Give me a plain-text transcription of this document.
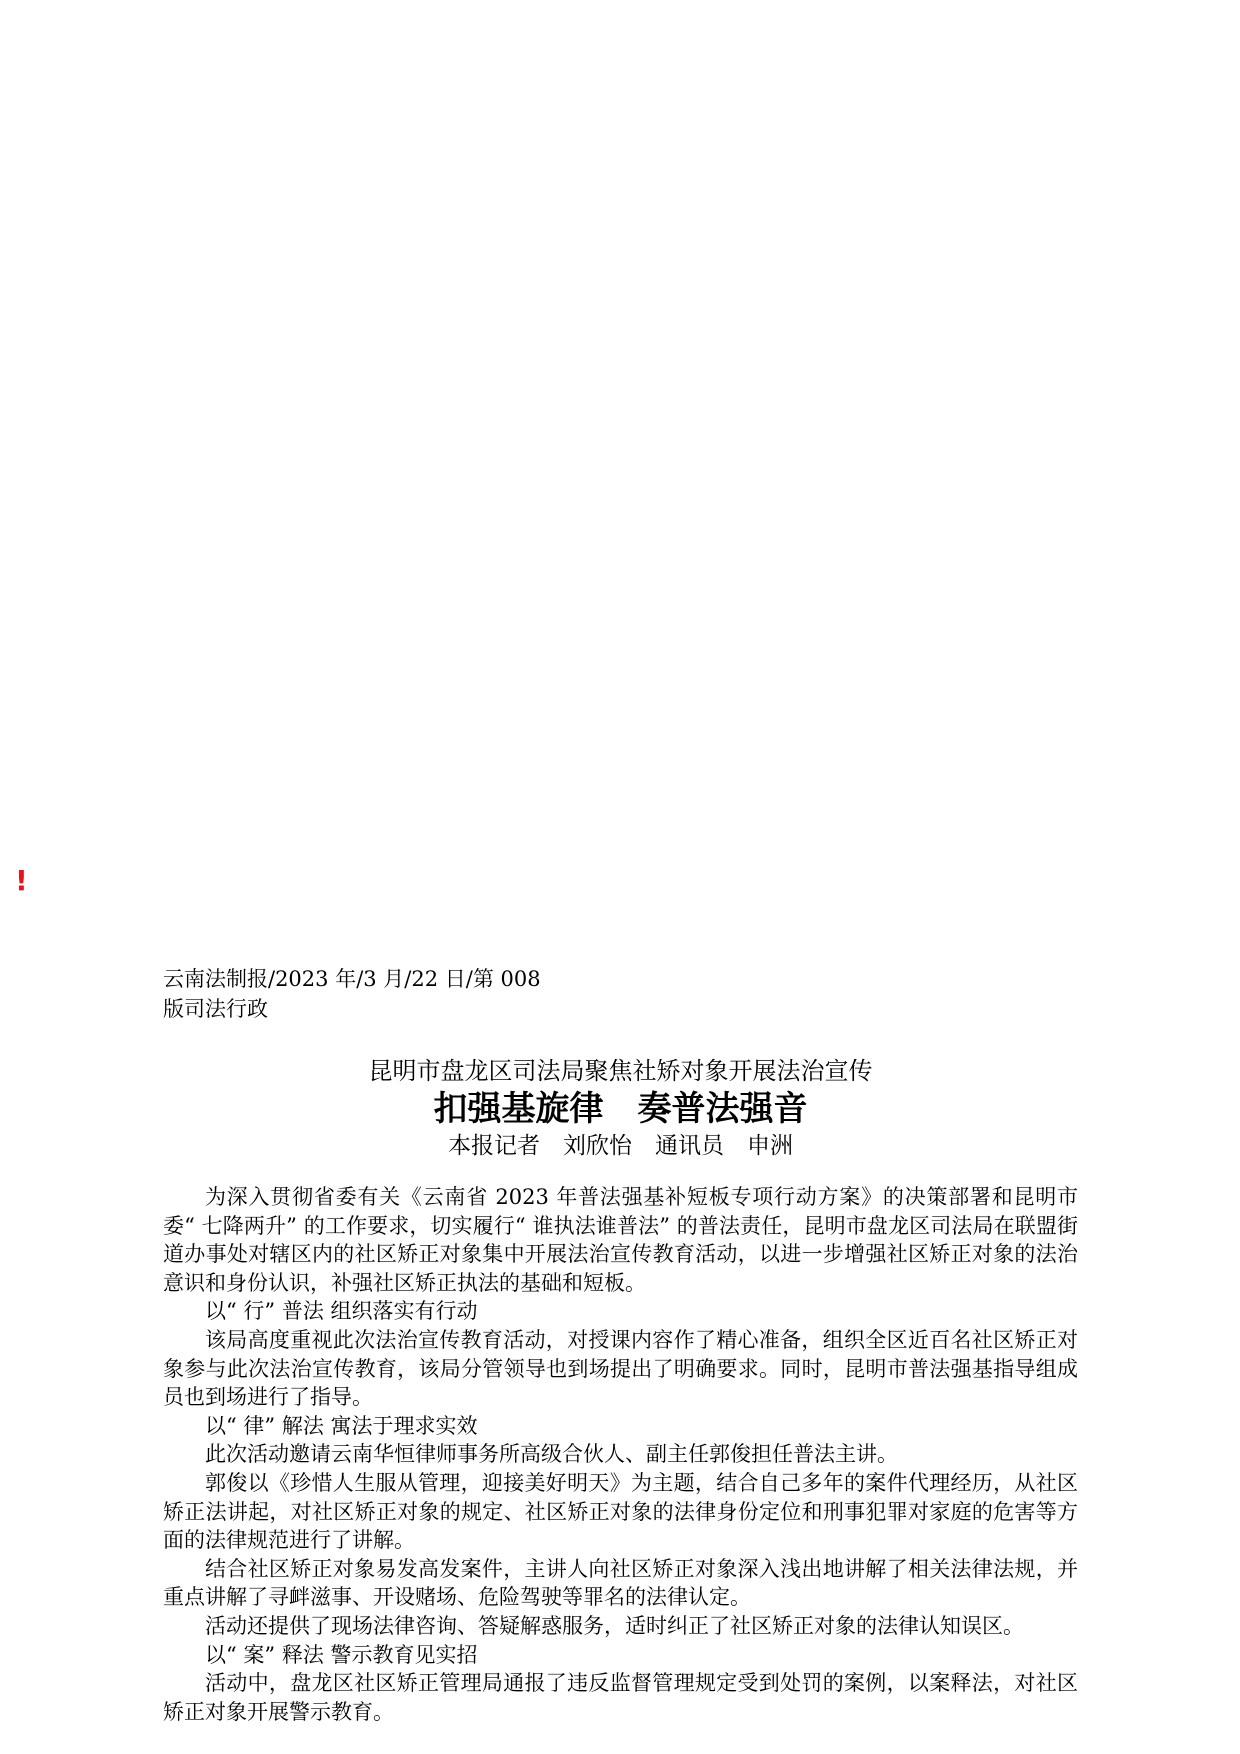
!
云南法制报/2023 年/3 月/22 日/第 008
版司法行政
昆明市盘龙区司法局聚焦社矫对象开展法治宣传
扣强基旋律　奏普法强音
本报记者　刘欣怡　通讯员　申洲

为深入贯彻省委有关《云南省 2023 年普法强基补短板专项行动方案》的决策部署和昆明市委“ 七降两升” 的工作要求，切实履行“ 谁执法谁普法” 的普法责任，昆明市盘龙区司法局在联盟街道办事处对辖区内的社区矫正对象集中开展法治宣传教育活动，以进一步增强社区矫正对象的法治意识和身份认识，补强社区矫正执法的基础和短板。

以“ 行” 普法 组织落实有行动

该局高度重视此次法治宣传教育活动，对授课内容作了精心准备，组织全区近百名社区矫正对象参与此次法治宣传教育，该局分管领导也到场提出了明确要求。同时，昆明市普法强基指导组成员也到场进行了指导。

以“ 律” 解法 寓法于理求实效

此次活动邀请云南华恒律师事务所高级合伙人、副主任郭俊担任普法主讲。

郭俊以《珍惜人生服从管理，迎接美好明天》为主题，结合自己多年的案件代理经历，从社区矫正法讲起，对社区矫正对象的规定、社区矫正对象的法律身份定位和刑事犯罪对家庭的危害等方面的法律规范进行了讲解。

结合社区矫正对象易发高发案件，主讲人向社区矫正对象深入浅出地讲解了相关法律法规，并重点讲解了寻衅滋事、开设赌场、危险驾驶等罪名的法律认定。

活动还提供了现场法律咨询、答疑解惑服务，适时纠正了社区矫正对象的法律认知误区。

以“ 案” 释法 警示教育见实招

活动中，盘龙区社区矫正管理局通报了违反监督管理规定受到处罚的案例，以案释法，对社区矫正对象开展警示教育。
